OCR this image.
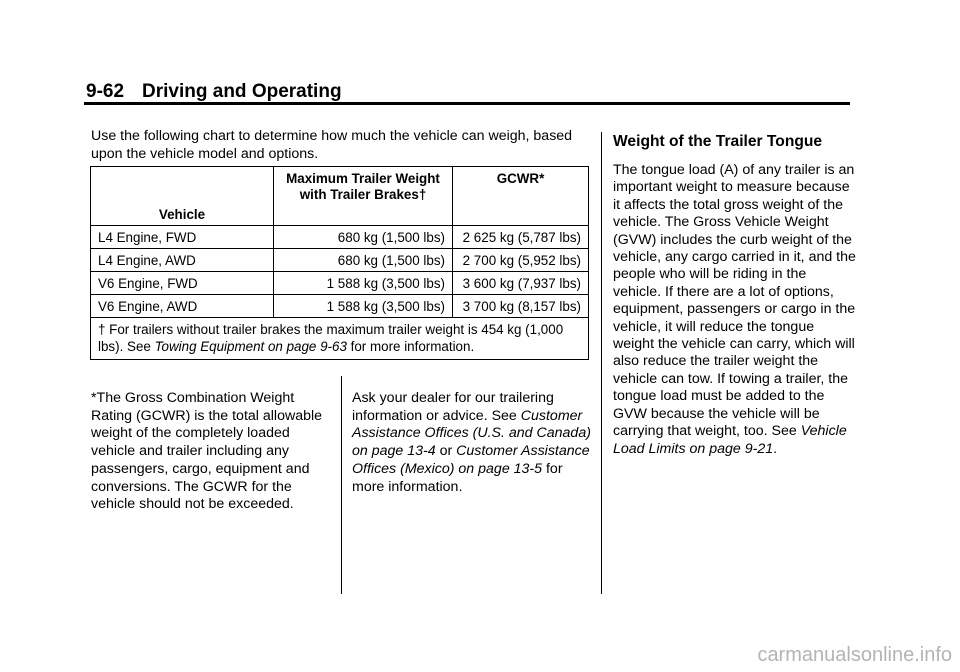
9-62 Driving and Operating
Use the following chart to determine how much the vehicle can weigh, based upon the vehicle model and options.
Vehicle	Maximum Trailer Weight with Trailer Brakes†	GCWR*

L4 Engine, FWD	680 kg (1,500 lbs)	2 625 kg (5,787 lbs)
L4 Engine, AWD	680 kg (1,500 lbs)	2 700 kg (5,952 lbs)
V6 Engine, FWD	1 588 kg (3,500 lbs)	3 600 kg (7,937 lbs)
V6 Engine, AWD	1 588 kg (3,500 lbs)	3 700 kg (8,157 lbs)
† For trailers without trailer brakes the maximum trailer weight is 454 kg (1,000 lbs). See Towing Equipment on page 9-63 for more information.		
*The Gross Combination Weight Rating (GCWR) is the total allowable weight of the completely loaded vehicle and trailer including any passengers, cargo, equipment and conversions. The GCWR for the vehicle should not be exceeded.
Ask your dealer for our trailering information or advice. See Customer Assistance Offices (U.S. and Canada) on page 13-4 or Customer Assistance Offices (Mexico) on page 13-5 for more information.
Weight of the Trailer Tongue
The tongue load (A) of any trailer is an important weight to measure because it affects the total gross weight of the vehicle. The Gross Vehicle Weight (GVW) includes the curb weight of the vehicle, any cargo carried in it, and the people who will be riding in the vehicle. If there are a lot of options, equipment, passengers or cargo in the vehicle, it will reduce the tongue weight the vehicle can carry, which will also reduce the trailer weight the vehicle can tow. If towing a trailer, the tongue load must be added to the GVW because the vehicle will be carrying that weight, too. See Vehicle Load Limits on page 9-21.
carmanualsonline.info
